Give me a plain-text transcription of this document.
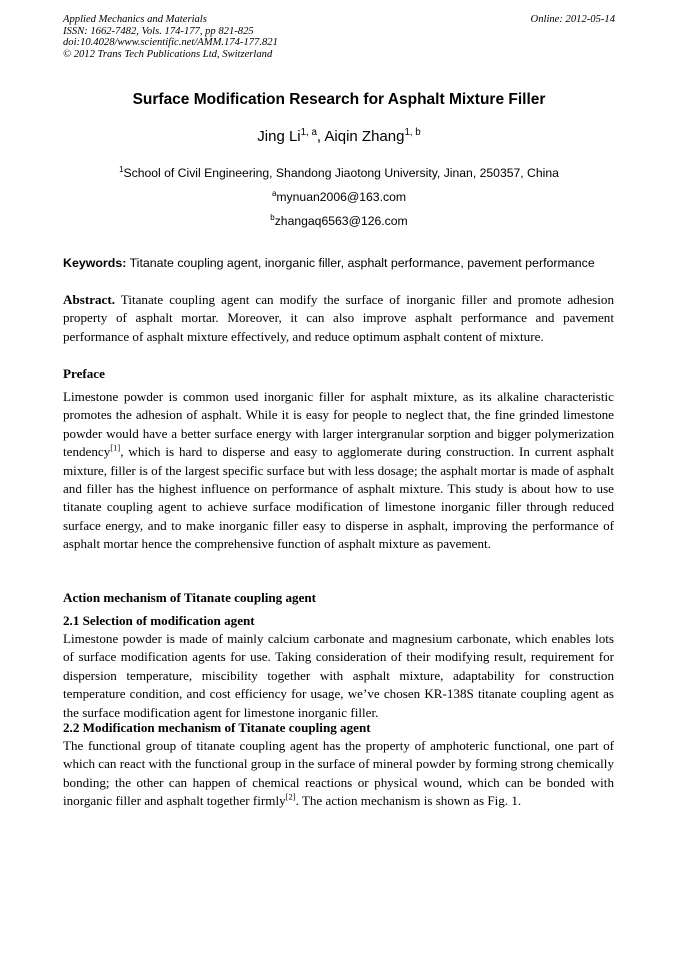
Applied Mechanics and Materials
ISSN: 1662-7482, Vols. 174-177, pp 821-825
doi:10.4028/www.scientific.net/AMM.174-177.821
© 2012 Trans Tech Publications Ltd, Switzerland
Online: 2012-05-14
Surface Modification Research for Asphalt Mixture Filler
Jing Li$^{1, a}$, Aiqin Zhang$^{1, b}$
$^1$School of Civil Engineering, Shandong Jiaotong University, Jinan, 250357, China
$^a$mynuan2006@163.com
$^b$zhangaq6563@126.com
Keywords: Titanate coupling agent, inorganic filler, asphalt performance, pavement performance
Abstract. Titanate coupling agent can modify the surface of inorganic filler and promote adhesion property of asphalt mortar. Moreover, it can also improve asphalt performance and pavement performance of asphalt mixture effectively, and reduce optimum asphalt content of mixture.
Preface
Limestone powder is common used inorganic filler for asphalt mixture, as its alkaline characteristic promotes the adhesion of asphalt. While it is easy for people to neglect that, the fine grinded limestone powder would have a better surface energy with larger intergranular sorption and bigger polymerization tendency[1], which is hard to disperse and easy to agglomerate during construction. In current asphalt mixture, filler is of the largest specific surface but with less dosage; the asphalt mortar is made of asphalt and filler has the highest influence on performance of asphalt mixture. This study is about how to use titanate coupling agent to achieve surface modification of limestone inorganic filler through reduced surface energy, and to make inorganic filler easy to disperse in asphalt, improving the performance of asphalt mortar hence the comprehensive function of asphalt mixture as pavement.
Action mechanism of Titanate coupling agent
2.1 Selection of modification agent
Limestone powder is made of mainly calcium carbonate and magnesium carbonate, which enables lots of surface modification agents for use. Taking consideration of their modifying result, requirement for dispersion temperature, miscibility together with asphalt mixture, adaptability for construction temperature condition, and cost efficiency for usage, we’ve chosen KR-138S titanate coupling agent as the surface modification agent for limestone inorganic filler.
2.2 Modification mechanism of Titanate coupling agent
The functional group of titanate coupling agent has the property of amphoteric functional, one part of which can react with the functional group in the surface of mineral powder by forming strong chemically bonding; the other can happen of chemical reactions or physical wound, which can be bonded with inorganic filler and asphalt together firmly[2]. The action mechanism is shown as Fig. 1.
